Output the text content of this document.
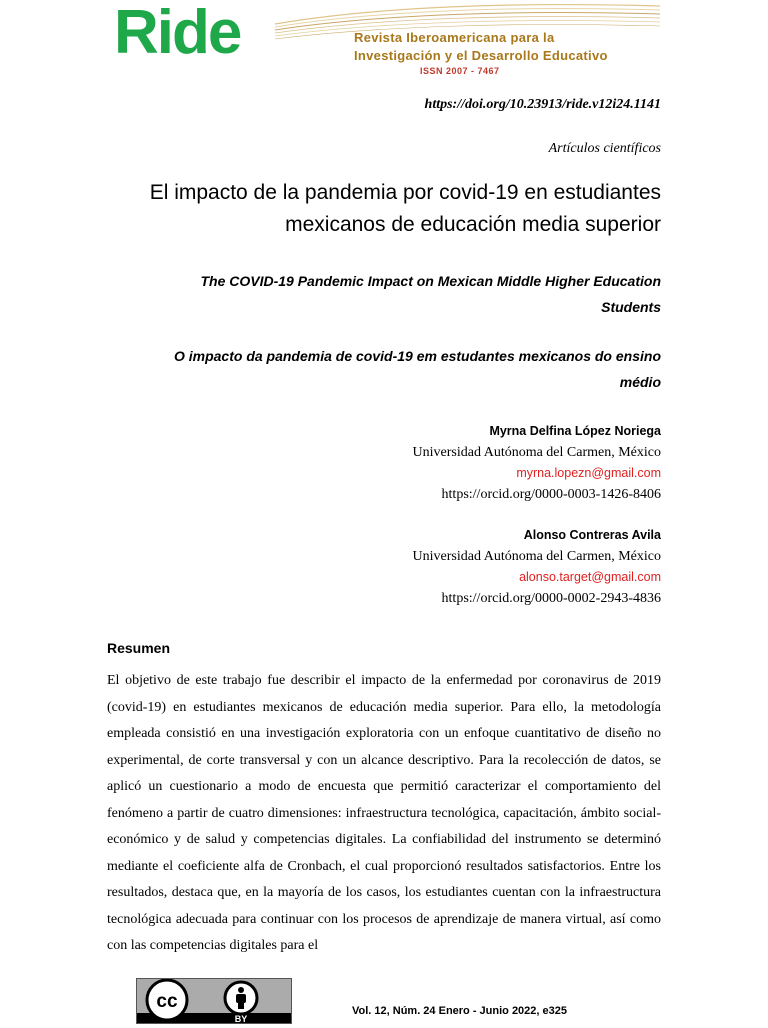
Ride	Revista Iberoamericana para la
Investigación y el Desarrollo Educativo
ISSN 2007 - 7467
https://doi.org/10.23913/ride.v12i24.1141
Artículos científicos
El impacto de la pandemia por covid-19 en estudiantes
mexicanos de educación media superior
The COVID-19 Pandemic Impact on Mexican Middle Higher Education
Students
O impacto da pandemia de covid-19 em estudantes mexicanos do ensino
médio
Myrna Delfina López Noriega
Universidad Autónoma del Carmen, México
myrna.lopezn@gmail.com
https://orcid.org/0000-0003-1426-8406
Alonso Contreras Avila
Universidad Autónoma del Carmen, México
alonso.target@gmail.com
https://orcid.org/0000-0002-2943-4836
Resumen

El objetivo de este trabajo fue describir el impacto de la enfermedad por coronavirus de 2019 (covid-19) en estudiantes mexicanos de educación media superior. Para ello, la metodología empleada consistió en una investigación exploratoria con un enfoque cuantitativo de diseño no experimental, de corte transversal y con un alcance descriptivo. Para la recolección de datos, se aplicó un cuestionario a modo de encuesta que permitió caracterizar el comportamiento del fenómeno a partir de cuatro dimensiones: infraestructura tecnológica, capacitación, ámbito social-económico y de salud y competencias digitales. La confiabilidad del instrumento se determinó mediante el coeficiente alfa de Cronbach, el cual proporcionó resultados satisfactorios. Entre los resultados, destaca que, en la mayoría de los casos, los estudiantes cuentan con la infraestructura tecnológica adecuada para continuar con los procesos de aprendizaje de manera virtual, así como con las competencias digitales para el

cc
BY
Vol. 12, Núm. 24 Enero - Junio 2022, e325
